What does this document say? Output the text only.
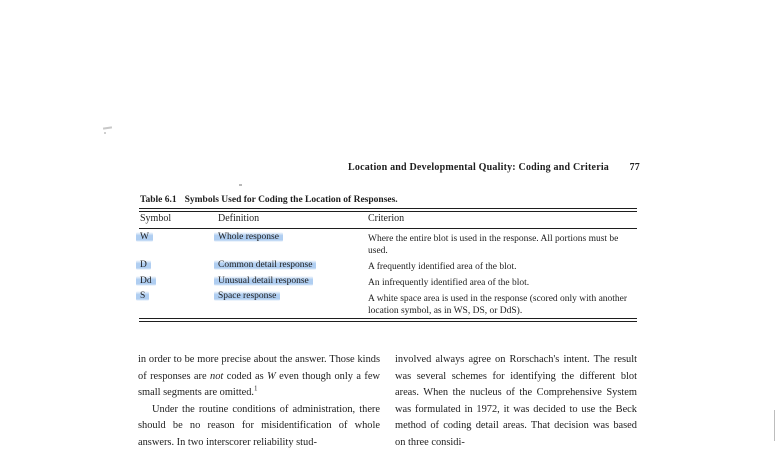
Location and Developmental Quality: Coding and Criteria 77
Table 6.1 Symbols Used for Coding the Location of Responses.
Symbol	Definition	Criterion
W	Whole response	Where the entire blot is used in the response. All portions must be used.
D	Common detail response	A frequently identified area of the blot.
Dd	Unusual detail response	An infrequently identified area of the blot.
S	Space response	A white space area is used in the response (scored only with another location symbol, as in WS, DS, or DdS).

in order to be more precise about the answer. Those kinds of responses are not coded as W even though only a few small segments are omitted.$^1$

Under the routine conditions of administration, there should be no reason for misidentification of whole answers. In two interscorer reliability stud-

involved always agree on Rorschach's intent. The result was several schemes for identifying the different blot areas. When the nucleus of the Comprehensive System was formulated in 1972, it was decided to use the Beck method of coding detail areas. That decision was based on three considi-
